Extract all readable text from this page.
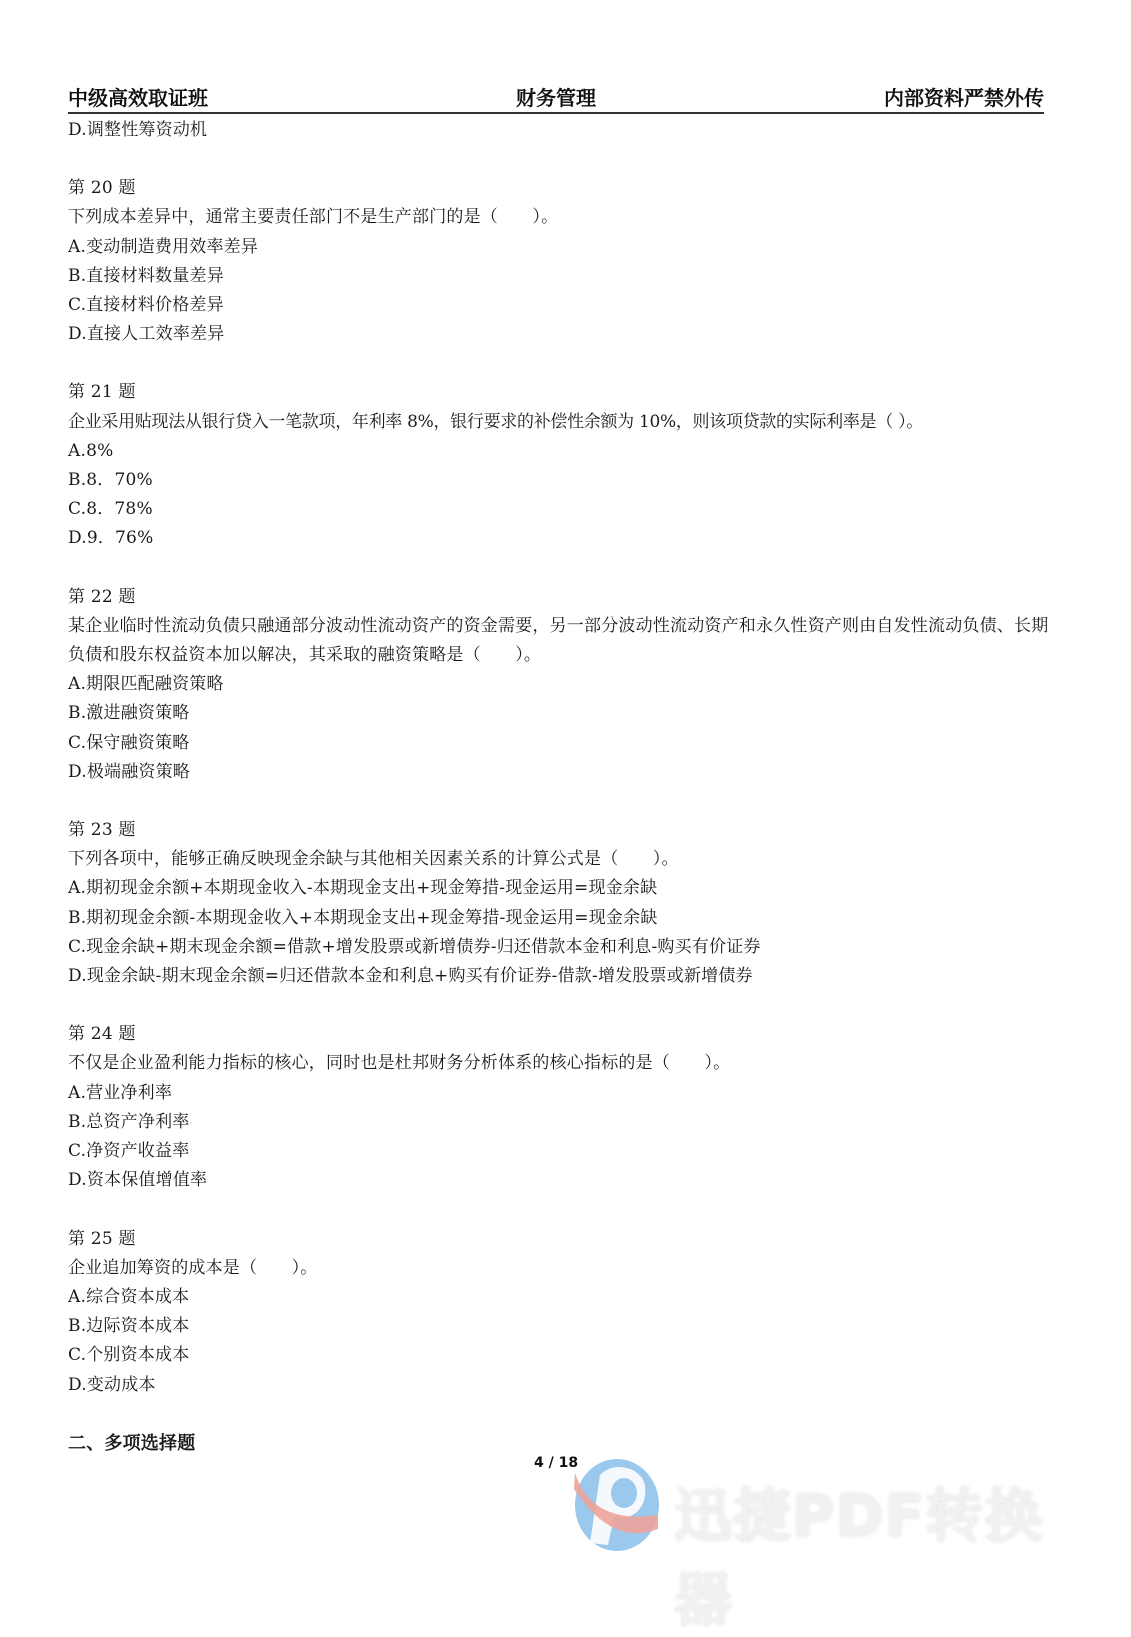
中级高效取证班	财务管理	内部资料严禁外传
D.调整性筹资动机
第 20 题
下列成本差异中，通常主要责任部门不是生产部门的是（　　）。
A.变动制造费用效率差异
B.直接材料数量差异
C.直接材料价格差异
D.直接人工效率差异
第 21 题
企业采用贴现法从银行贷入一笔款项，年利率 8%，银行要求的补偿性余额为 10%，则该项贷款的实际利率是（ ）。
A.8%
B.8．70%
C.8．78%
D.9．76%
第 22 题
某企业临时性流动负债只融通部分波动性流动资产的资金需要，另一部分波动性流动资产和永久性资产则由自发性流动负债、长期负债和股东权益资本加以解决，其采取的融资策略是（　　）。
A.期限匹配融资策略
B.激进融资策略
C.保守融资策略
D.极端融资策略
第 23 题
下列各项中，能够正确反映现金余缺与其他相关因素关系的计算公式是（　　）。
A.期初现金余额+本期现金收入-本期现金支出+现金筹措-现金运用=现金余缺
B.期初现金余额-本期现金收入+本期现金支出+现金筹措-现金运用=现金余缺
C.现金余缺+期末现金余额=借款+增发股票或新增债券-归还借款本金和利息-购买有价证券
D.现金余缺-期末现金余额=归还借款本金和利息+购买有价证券-借款-增发股票或新增债券
第 24 题
不仅是企业盈利能力指标的核心，同时也是杜邦财务分析体系的核心指标的是（　　）。
A.营业净利率
B.总资产净利率
C.净资产收益率
D.资本保值增值率
第 25 题
企业追加筹资的成本是（　　）。
A.综合资本成本
B.边际资本成本
C.个别资本成本
D.变动成本
二、多项选择题
4 / 18
迅捷PDF转换器
